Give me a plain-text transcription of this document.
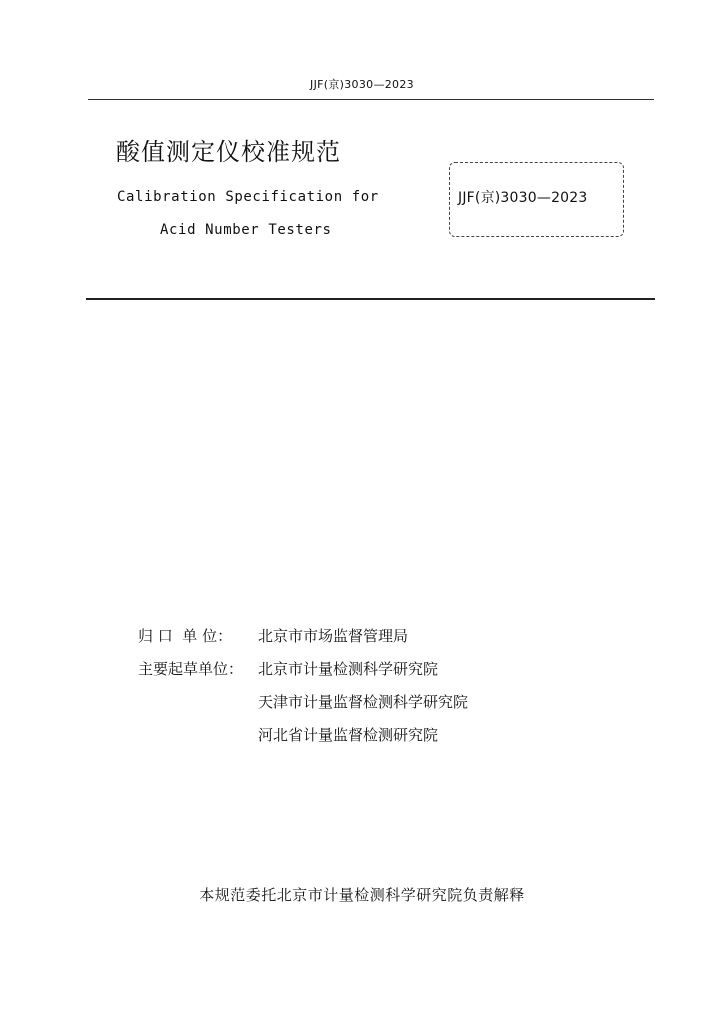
JJF(京)3030—2023
酸值测定仪校准规范
Calibration Specification for
Acid Number Testers
JJF(京)3030—2023
归 口  单 位： 北京市市场监督管理局
主要起草单位： 北京市计量检测科学研究院
天津市计量监督检测科学研究院
河北省计量监督检测研究院
本规范委托北京市计量检测科学研究院负责解释
